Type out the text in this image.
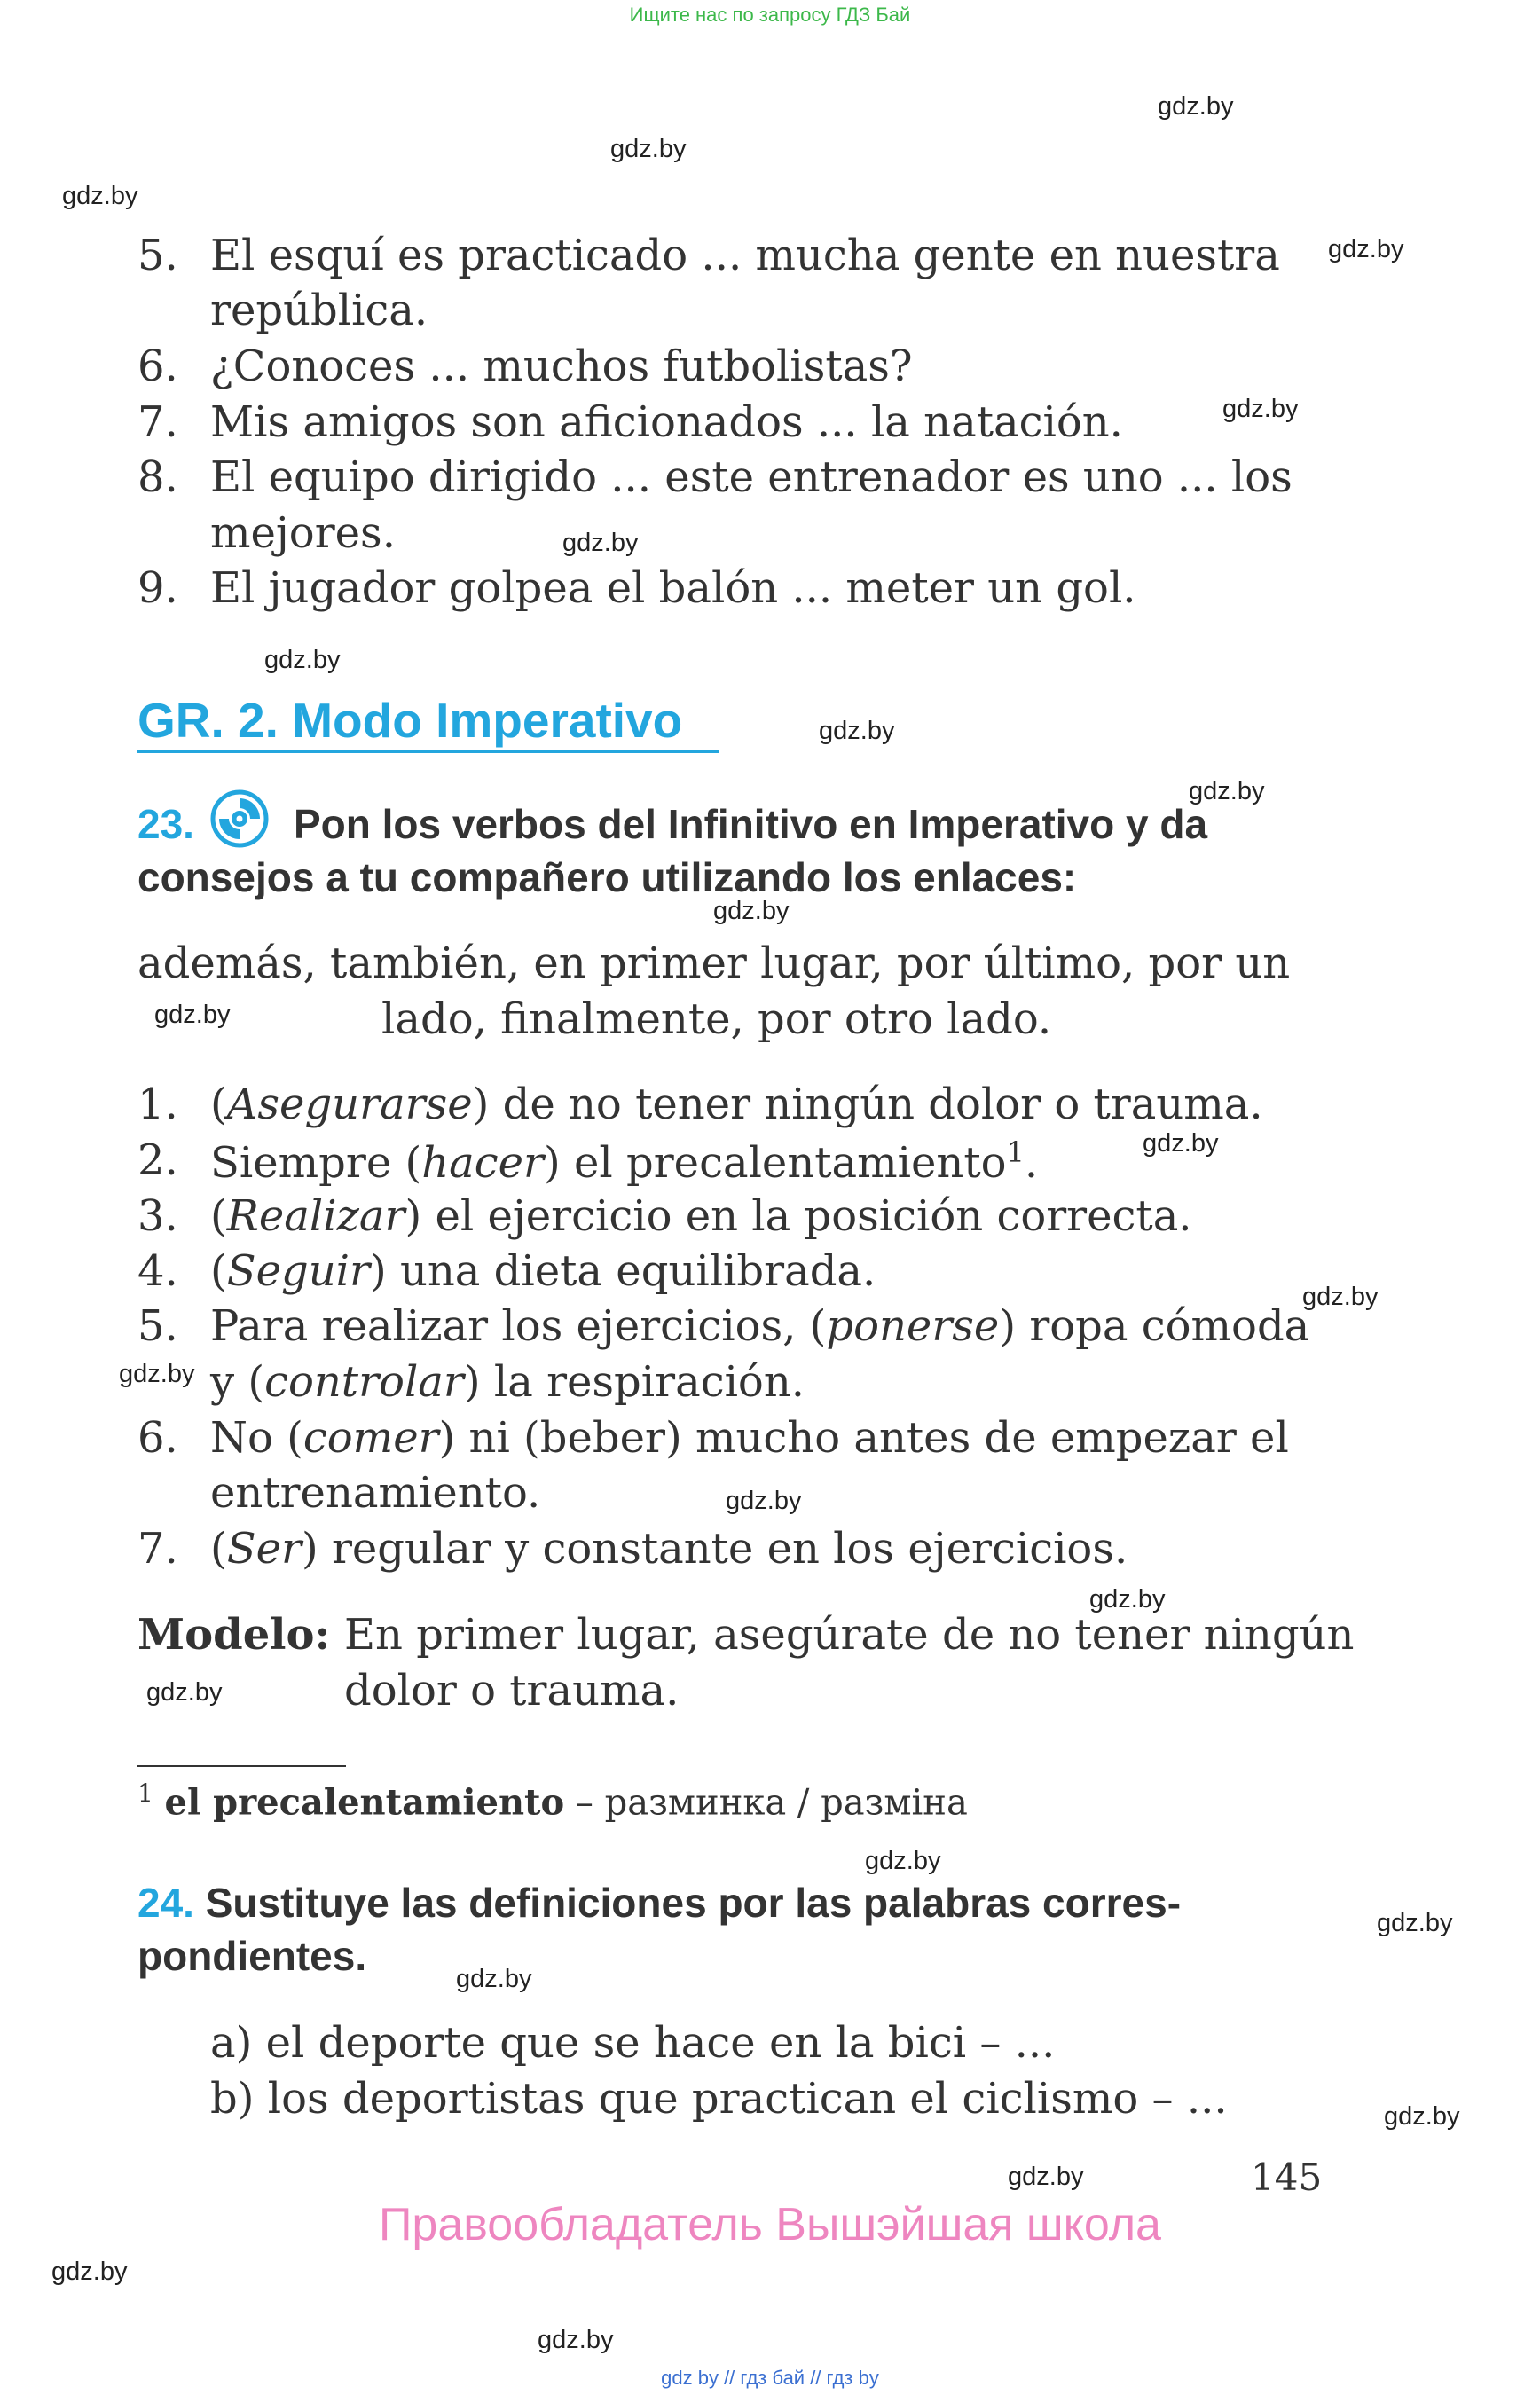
Ищите нас по запросу ГДЗ Бай
gdz.by
gdz.by
gdz.by
gdz.by
gdz.by
gdz.by
gdz.by
gdz.by
gdz.by
gdz.by
gdz.by
gdz.by
gdz.by
gdz.by
gdz.by
gdz.by
gdz.by
gdz.by
gdz.by
gdz.by
gdz.by
gdz.by
gdz.by
gdz.by
5. El esquí es practicado ... mucha gente en nuestra
república.
6. ¿Conoces ... muchos futbolistas?
7. Mis amigos son aficionados ... la natación.
8. El equipo dirigido ... este entrenador es uno ... los
mejores.
9. El jugador golpea el balón ... meter un gol.
GR. 2. Modo Imperativo
23. Pon los verbos del Infinitivo en Imperativo y da
consejos a tu compañero utilizando los enlaces:
además, también, en primer lugar, por último, por un
lado, finalmente, por otro lado.
1. (Asegurarse) de no tener ningún dolor o trauma.
2. Siempre (hacer) el precalentamiento$^1$.
3. (Realizar) el ejercicio en la posición correcta.
4. (Seguir) una dieta equilibrada.
5. Para realizar los ejercicios, (ponerse) ropa cómoda
y (controlar) la respiración.
6. No (comer) ni (beber) mucho antes de empezar el
entrenamiento.
7. (Ser) regular y constante en los ejercicios.
Modelo: En primer lugar, asegúrate de no tener ningún
dolor o trauma.
$^1$ el precalentamiento – разминка / разміна
24. Sustituye las definiciones por las palabras corres-
pondientes.
a) el deporte que se hace en la bici – ...
b) los deportistas que practican el ciclismo – ...
145
Правообладатель Вышэйшая школа
gdz by // гдз бай // гдз by
